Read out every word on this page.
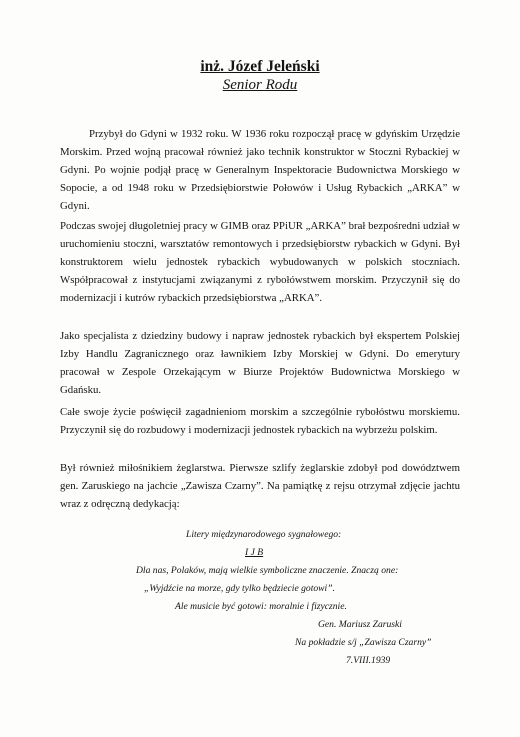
inż. Józef Jeleński
Senior Rodu
Przybył do Gdyni w 1932 roku. W 1936 roku rozpoczął pracę w gdyńskim Urzędzie Morskim. Przed wojną pracował również jako technik konstruktor w Stoczni Rybackiej w Gdyni. Po wojnie podjął pracę w Generalnym Inspektoracie Budownictwa Morskiego w Sopocie, a od 1948 roku w Przedsiębiorstwie Połowów i Usług Rybackich „ARKA” w Gdyni.
Podczas swojej długoletniej pracy w GIMB oraz PPiUR „ARKA” brał bezpośredni udział w uruchomieniu stoczni, warsztatów remontowych i przedsiębiorstw rybackich w Gdyni. Był konstruktorem wielu jednostek rybackich wybudowanych w polskich stoczniach. Współpracował z instytucjami związanymi z rybołówstwem morskim. Przyczynił się do modernizacji i kutrów rybackich przedsiębiorstwa „ARKA”.
Jako specjalista z dziedziny budowy i napraw jednostek rybackich był ekspertem Polskiej Izby Handlu Zagranicznego oraz ławnikiem Izby Morskiej w Gdyni. Do emerytury pracował w Zespole Orzekającym w Biurze Projektów Budownictwa Morskiego w Gdańsku.
Całe swoje życie poświęcił zagadnieniom morskim a szczególnie rybołóstwu morskiemu. Przyczynił się do rozbudowy i modernizacji jednostek rybackich na wybrzeżu polskim.
Był również miłośnikiem żeglarstwa. Pierwsze szlify żeglarskie zdobył pod dowództwem gen. Zaruskiego na jachcie „Zawisza Czarny”. Na pamiątkę z rejsu otrzymał zdjęcie jachtu wraz z odręczną dedykacją:
Litery międzynarodowego sygnałowego:
I J B
Dla nas, Polaków, mają wielkie symboliczne znaczenie. Znaczą one:
„Wyjdźcie na morze, gdy tylko będziecie gotowi”.
Ale musicie być gotowi: moralnie i fizycznie.
Gen. Mariusz Zaruski
Na pokładzie s/j „Zawisza Czarny”
7.VIII.1939
